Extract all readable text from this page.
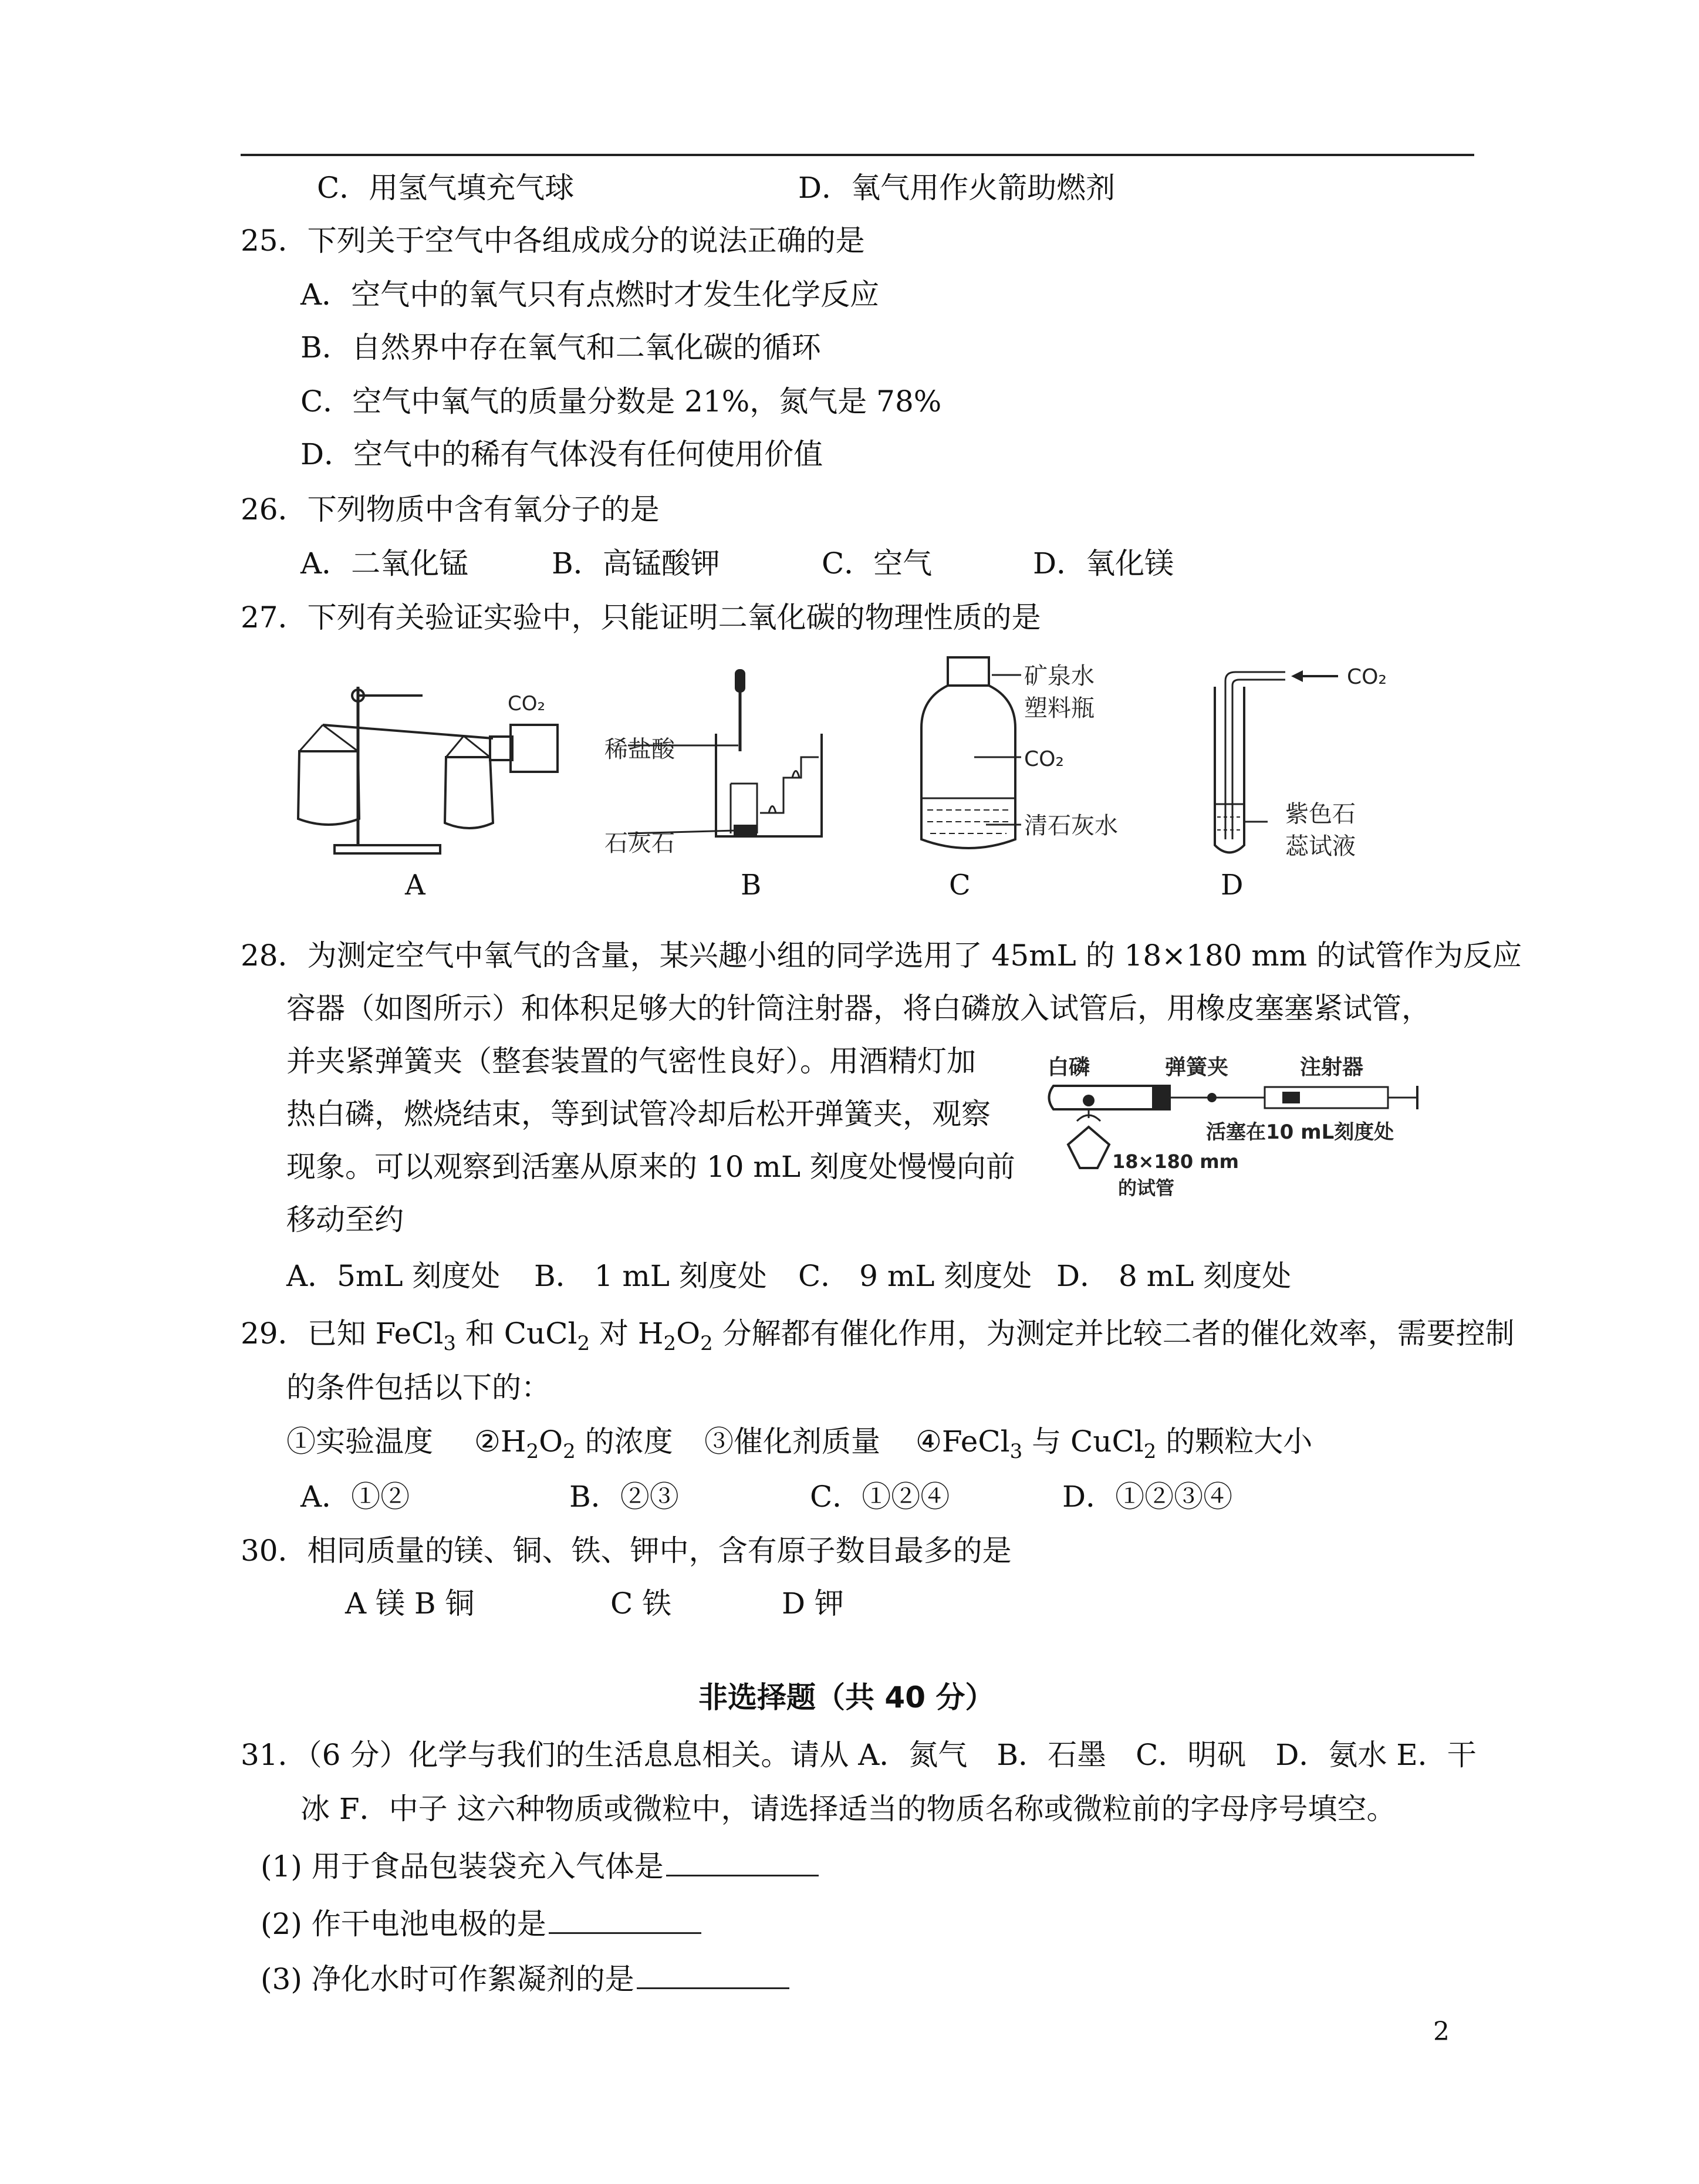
C．用氢气填充气球	D．氧气用作火箭助燃剂
25．下列关于空气中各组成成分的说法正确的是
A．空气中的氧气只有点燃时才发生化学反应
B．自然界中存在氧气和二氧化碳的循环
C．空气中氧气的质量分数是 21%，氮气是 78%
D．空气中的稀有气体没有任何使用价值
26．下列物质中含有氧分子的是
A．二氧化锰	B．高锰酸钾	C．空气	D．氧化镁
27．下列有关验证实验中，只能证明二氧化碳的物理性质的是
CO₂
A
稀盐酸
石灰石
B
矿泉水
塑料瓶
CO₂
清石灰水
C
CO₂
紫色石
蕊试液
D
28．为测定空气中氧气的含量，某兴趣小组的同学选用了 45mL 的 18×180 mm 的试管作为反应
容器（如图所示）和体积足够大的针筒注射器，将白磷放入试管后，用橡皮塞塞紧试管，
并夹紧弹簧夹（整套装置的气密性良好）。用酒精灯加
热白磷，燃烧结束，等到试管冷却后松开弹簧夹，观察
现象。可以观察到活塞从原来的 10 mL 刻度处慢慢向前
移动至约
白磷	弹簧夹	注射器
活塞在10 mL刻度处
18×180 mm
的试管
A．5mL 刻度处 B． 1 mL 刻度处 C． 9 mL 刻度处 D． 8 mL 刻度处
29．已知 FeCl$_3$ 和 CuCl$_2$ 对 $H_2O_2$ 分解都有催化作用，为测定并比较二者的催化效率，需要控制
的条件包括以下的：
①实验温度 $②H_2O_2$ 的浓度 ③催化剂质量 ④FeCl$_3$ 与 CuCl$_2$ 的颗粒大小
A．①②	B．②③	C．①②④	D．①②③④
30．相同质量的镁、铜、铁、钾中，含有原子数目最多的是
A 镁 B 铜	C 铁	D 钾
非选择题（共 40 分）
31．（6 分）化学与我们的生活息息相关。请从 A．氮气　B．石墨　C．明矾　D．氨水 E．干
冰 F．中子 这六种物质或微粒中，请选择适当的物质名称或微粒前的字母序号填空。
(1) 用于食品包装袋充入气体是
(2) 作干电池电极的是
(3) 净化水时可作絮凝剂的是
2
